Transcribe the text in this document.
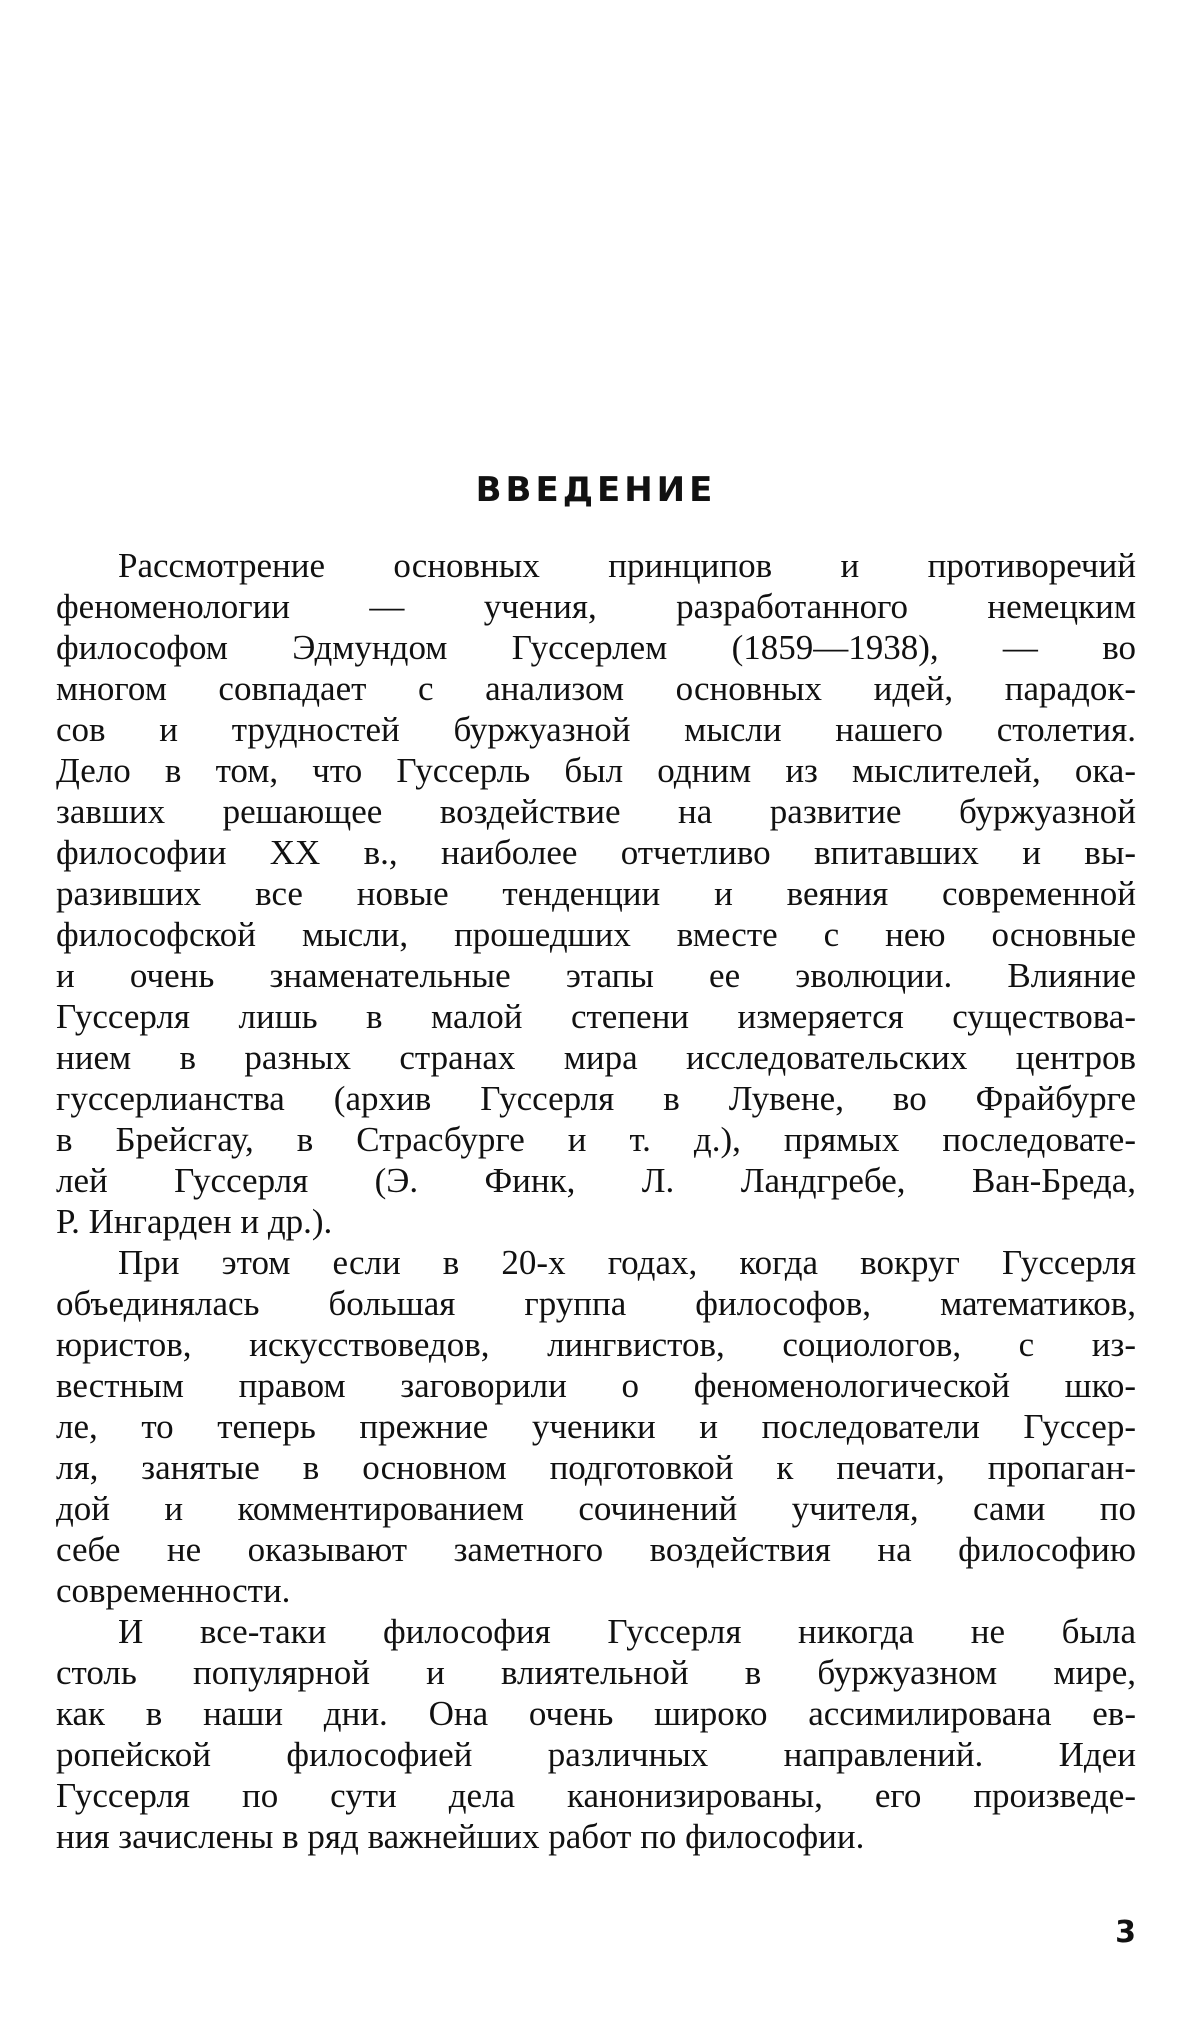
ВВЕДЕНИЕ
Рассмотрение основных принципов и противоречий
феноменологии — учения, разработанного немецким
философом Эдмундом Гуссерлем (1859—1938), — во
многом совпадает с анализом основных идей, парадок-
сов и трудностей буржуазной мысли нашего столетия.
Дело в том, что Гуссерль был одним из мыслителей, ока-
завших решающее воздействие на развитие буржуазной
философии XX в., наиболее отчетливо впитавших и вы-
разивших все новые тенденции и веяния современной
философской мысли, прошедших вместе с нею основные
и очень знаменательные этапы ее эволюции. Влияние
Гуссерля лишь в малой степени измеряется существова-
нием в разных странах мира исследовательских центров
гуссерлианства (архив Гуссерля в Лувене, во Фрайбурге
в Брейсгау, в Страсбурге и т. д.), прямых последовате-
лей Гуссерля (Э. Финк, Л. Ландгребе, Ван-Бреда,
Р. Ингарден и др.).
При этом если в 20-х годах, когда вокруг Гуссерля
объединялась большая группа философов, математиков,
юристов, искусствоведов, лингвистов, социологов, с из-
вестным правом заговорили о феноменологической шко-
ле, то теперь прежние ученики и последователи Гуссер-
ля, занятые в основном подготовкой к печати, пропаган-
дой и комментированием сочинений учителя, сами по
себе не оказывают заметного воздействия на философию
современности.
И все-таки философия Гуссерля никогда не была
столь популярной и влиятельной в буржуазном мире,
как в наши дни. Она очень широко ассимилирована ев-
ропейской философией различных направлений. Идеи
Гуссерля по сути дела канонизированы, его произведе-
ния зачислены в ряд важнейших работ по философии.
3
